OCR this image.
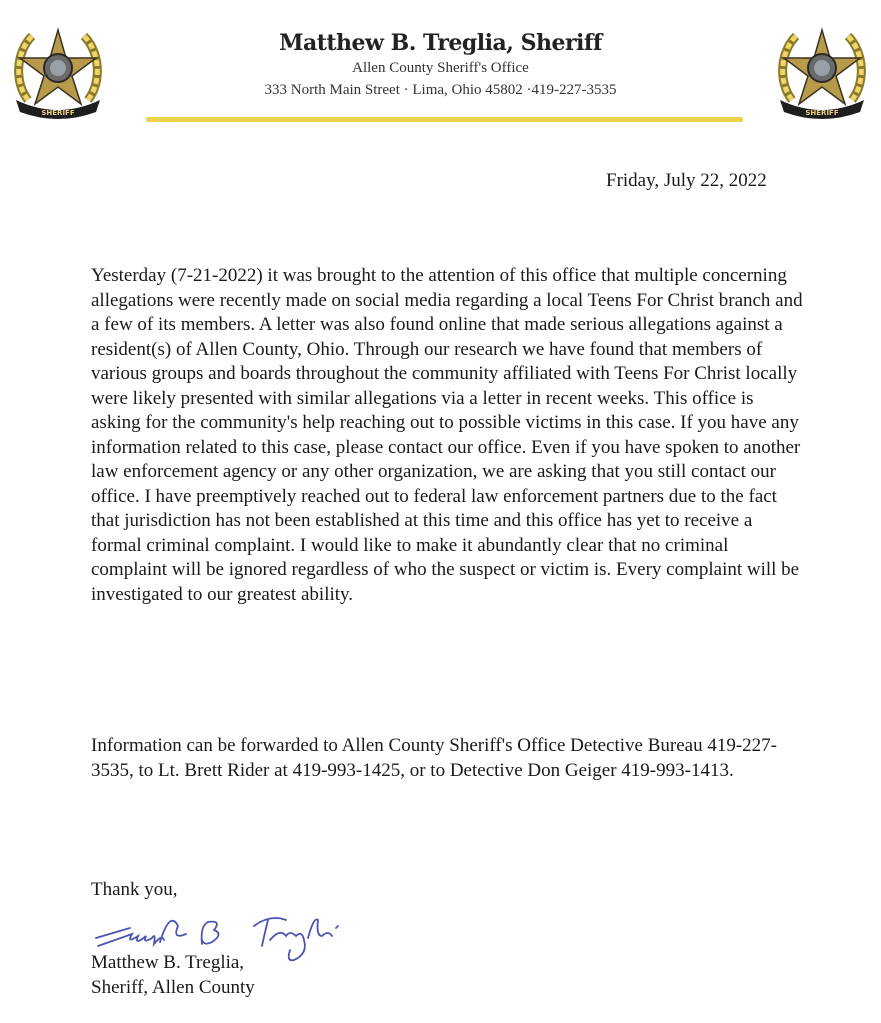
SHERIFF
Matthew B. Treglia, Sheriff
Allen County Sheriff's Office
333 North Main Street · Lima, Ohio 45802 ·419-227-3535
SHERIFF
Friday, July 22, 2022
Yesterday (7-21-2022) it was brought to the attention of this office that multiple concerning allegations were recently made on social media regarding a local Teens For Christ branch and a few of its members. A letter was also found online that made serious allegations against a resident(s) of Allen County, Ohio. Through our research we have found that members of various groups and boards throughout the community affiliated with Teens For Christ locally were likely presented with similar allegations via a letter in recent weeks. This office is asking for the community's help reaching out to possible victims in this case. If you have any information related to this case, please contact our office. Even if you have spoken to another law enforcement agency or any other organization, we are asking that you still contact our office. I have preemptively reached out to federal law enforcement partners due to the fact that jurisdiction has not been established at this time and this office has yet to receive a formal criminal complaint. I would like to make it abundantly clear that no criminal complaint will be ignored regardless of who the suspect or victim is. Every complaint will be investigated to our greatest ability.
Information can be forwarded to Allen County Sheriff's Office Detective Bureau 419-227-3535, to Lt. Brett Rider at 419-993-1425, or to Detective Don Geiger 419-993-1413.
Thank you,
Matthew B. Treglia,
Sheriff, Allen County
